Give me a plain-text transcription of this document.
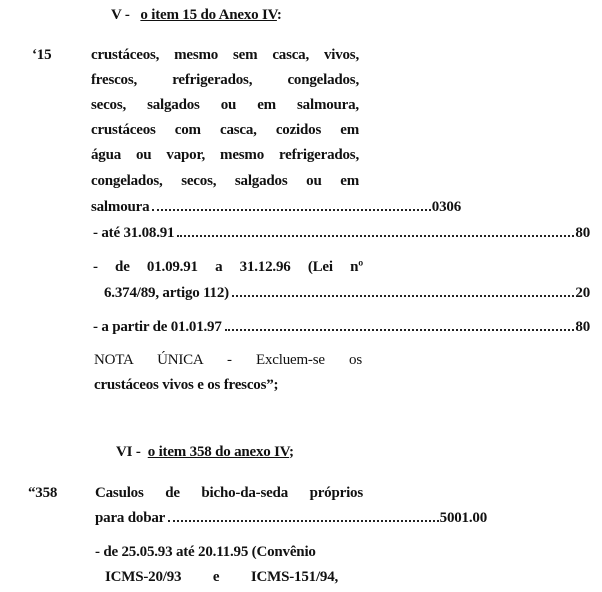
V - o item 15 do Anexo IV:
‘15	crustáceos, mesmo sem casca, vivos,
frescos, refrigerados, congelados,
secos, salgados ou em salmoura,
crustáceos com casca, cozidos em
água ou vapor, mesmo refrigerados,
congelados, secos, salgados ou em
salmoura	0306
- até 31.08.91	80
- de 01.09.91 a 31.12.96 (Lei nº
6.374/89, artigo 112)	20
- a partir de 01.01.97	80
NOTA ÚNICA - Excluem-se os
crustáceos vivos e os frescos”;
VI - o item 358 do anexo IV;
“358	Casulos de bicho-da-seda próprios
para dobar	5001.00
- de 25.05.93 até 20.11.95 (Convênio
ICMS-20/93 e ICMS-151/94,
